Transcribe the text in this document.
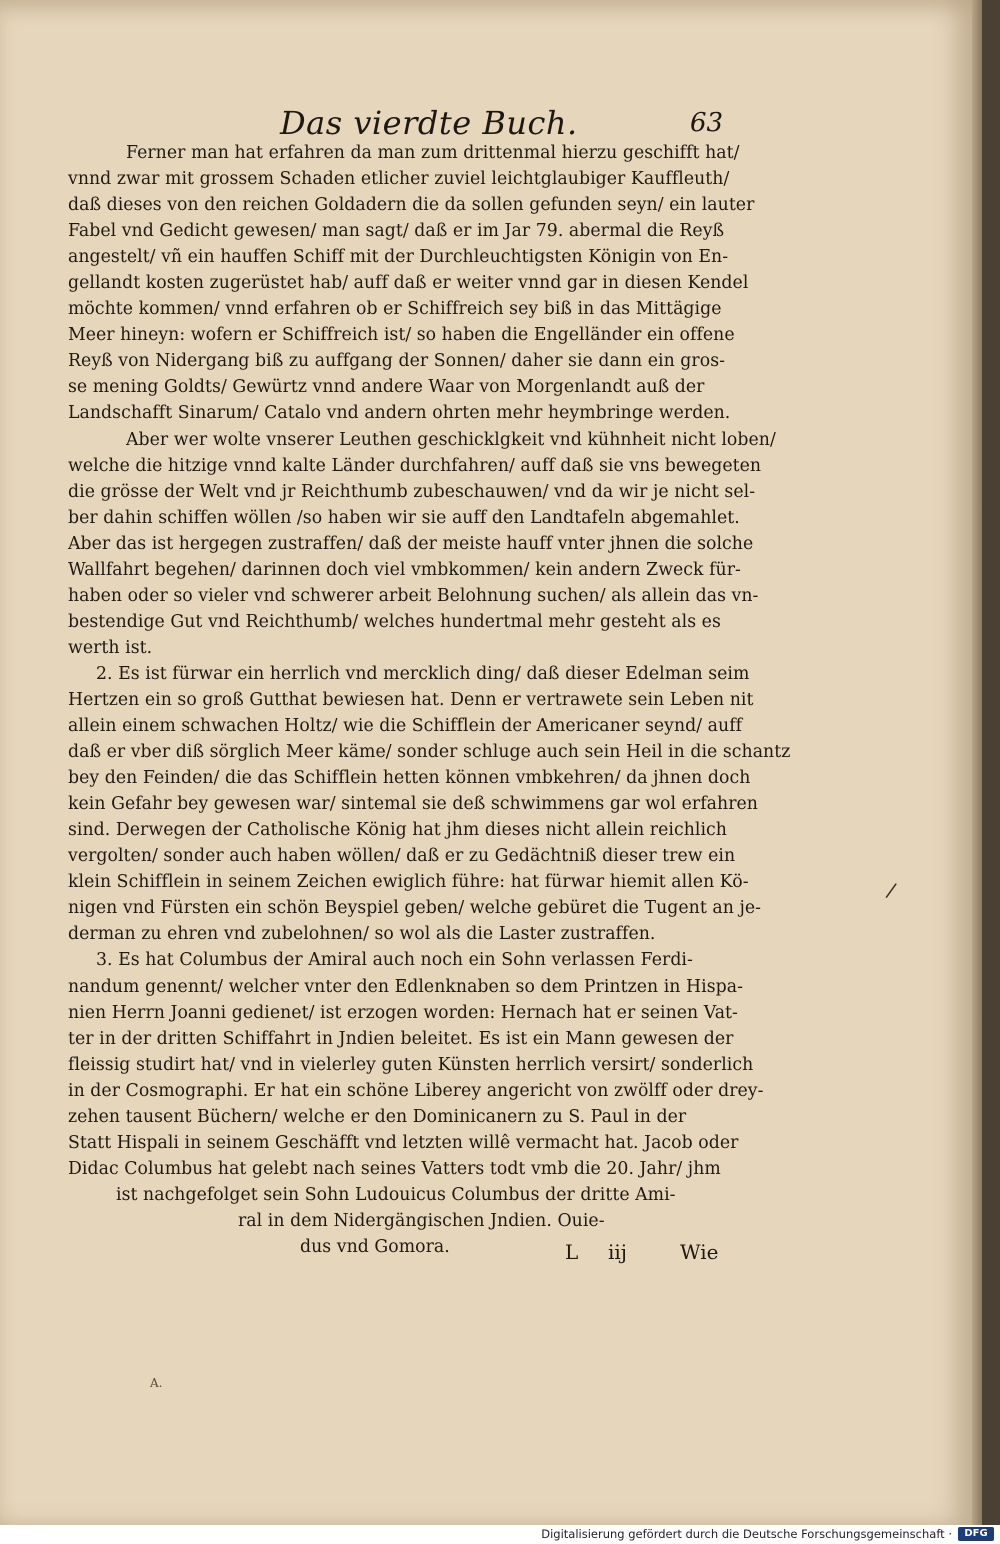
Das vierdte Buch.	63
Ferner man hat erfahren da man zum drittenmal hierzu geschifft hat/
vnnd zwar mit grossem Schaden etlicher zuviel leichtglaubiger Kauffleuth/
daß dieses von den reichen Goldadern die da sollen gefunden seyn/ ein lauter
Fabel vnd Gedicht gewesen/ man sagt/ daß er im Jar 79. abermal die Reyß
angestelt/ vñ ein hauffen Schiff mit der Durchleuchtigsten Königin von En-
gellandt kosten zugerüstet hab/ auff daß er weiter vnnd gar in diesen Kendel
möchte kommen/ vnnd erfahren ob er Schiffreich sey biß in das Mittägige
Meer hineyn: wofern er Schiffreich ist/ so haben die Engelländer ein offene
Reyß von Nidergang biß zu auffgang der Sonnen/ daher sie dann ein gros-
se mening Goldts/ Gewürtz vnnd andere Waar von Morgenlandt auß der
Landschafft Sinarum/ Catalo vnd andern ohrten mehr heymbringe werden.
Aber wer wolte vnserer Leuthen geschicklgkeit vnd kühnheit nicht loben/
welche die hitzige vnnd kalte Länder durchfahren/ auff daß sie vns bewegeten
die grösse der Welt vnd jr Reichthumb zubeschauwen/ vnd da wir je nicht sel-
ber dahin schiffen wöllen /so haben wir sie auff den Landtafeln abgemahlet.
Aber das ist hergegen zustraffen/ daß der meiste hauff vnter jhnen die solche
Wallfahrt begehen/ darinnen doch viel vmbkommen/ kein andern Zweck für-
haben oder so vieler vnd schwerer arbeit Belohnung suchen/ als allein das vn-
bestendige Gut vnd Reichthumb/ welches hundertmal mehr gesteht als es
werth ist.
2. Es ist fürwar ein herrlich vnd mercklich ding/ daß dieser Edelman seim
Hertzen ein so groß Gutthat bewiesen hat. Denn er vertrawete sein Leben nit
allein einem schwachen Holtz/ wie die Schifflein der Americaner seynd/ auff
daß er vber diß sörglich Meer käme/ sonder schluge auch sein Heil in die schantz
bey den Feinden/ die das Schifflein hetten können vmbkehren/ da jhnen doch
kein Gefahr bey gewesen war/ sintemal sie deß schwimmens gar wol erfahren
sind. Derwegen der Catholische König hat jhm dieses nicht allein reichlich
vergolten/ sonder auch haben wöllen/ daß er zu Gedächtniß dieser trew ein
klein Schifflein in seinem Zeichen ewiglich führe: hat fürwar hiemit allen Kö-
nigen vnd Fürsten ein schön Beyspiel geben/ welche gebüret die Tugent an je-
derman zu ehren vnd zubelohnen/ so wol als die Laster zustraffen.
3. Es hat Columbus der Amiral auch noch ein Sohn verlassen Ferdi-
nandum genennt/ welcher vnter den Edlenknaben so dem Printzen in Hispa-
nien Herrn Joanni gedienet/ ist erzogen worden: Hernach hat er seinen Vat-
ter in der dritten Schiffahrt in Jndien beleitet. Es ist ein Mann gewesen der
fleissig studirt hat/ vnd in vielerley guten Künsten herrlich versirt/ sonderlich
in der Cosmographi. Er hat ein schöne Liberey angericht von zwölff oder drey-
zehen tausent Büchern/ welche er den Dominicanern zu S. Paul in der
Statt Hispali in seinem Geschäfft vnd letzten willê vermacht hat. Jacob oder
Didac Columbus hat gelebt nach seines Vatters todt vmb die 20. Jahr/ jhm
ist nachgefolget sein Sohn Ludouicus Columbus der dritte Ami-
ral in dem Nidergängischen Jndien. Ouie-
dus vnd Gomora.	L iij	Wie
/
A.
Digitalisierung gefördert durch die Deutsche Forschungsgemeinschaft ·	DFG
